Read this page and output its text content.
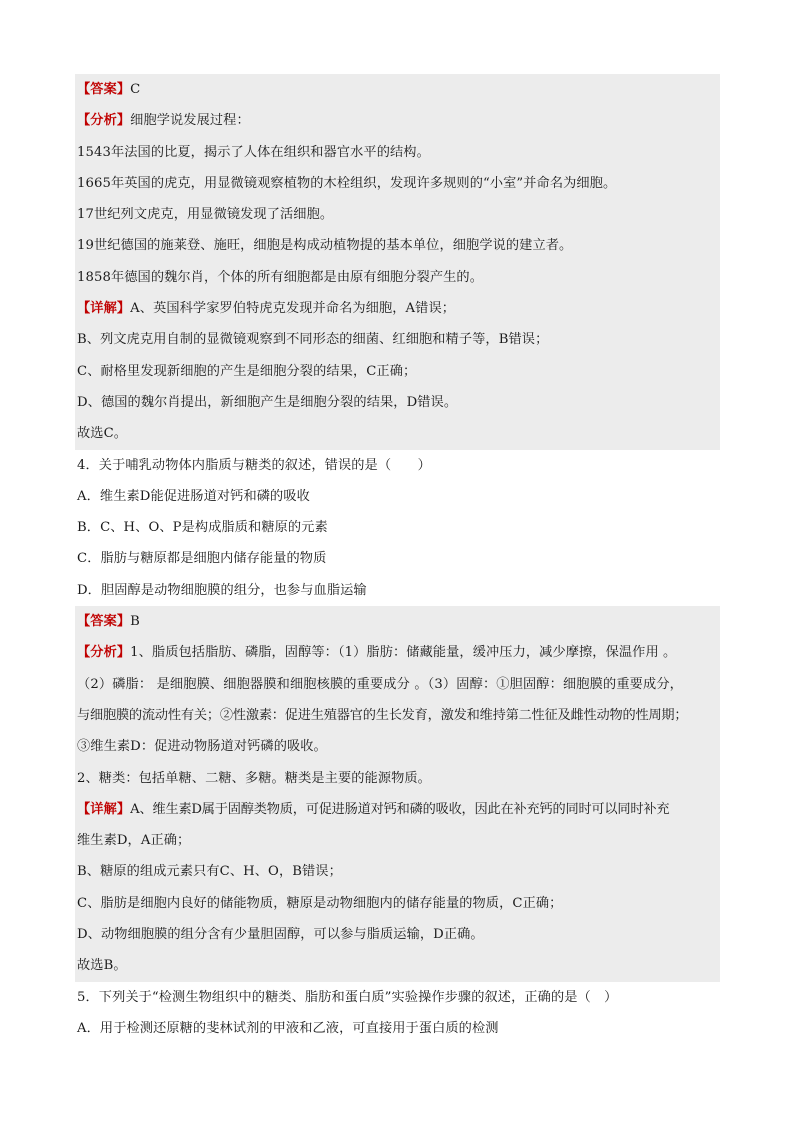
【答案】C
【分析】细胞学说发展过程：
1543年法国的比夏，揭示了人体在组织和器官水平的结构。
1665年英国的虎克，用显微镜观察植物的木栓组织，发现许多规则的“小室”并命名为细胞。
17世纪列文虎克，用显微镜发现了活细胞。
19世纪德国的施莱登、施旺，细胞是构成动植物提的基本单位，细胞学说的建立者。
1858年德国的魏尔肖，个体的所有细胞都是由原有细胞分裂产生的。
【详解】A、英国科学家罗伯特虎克发现并命名为细胞，A错误；
B、列文虎克用自制的显微镜观察到不同形态的细菌、红细胞和精子等，B错误；
C、耐格里发现新细胞的产生是细胞分裂的结果，C正确；
D、德国的魏尔肖提出，新细胞产生是细胞分裂的结果，D错误。
故选C。
4．关于哺乳动物体内脂质与糖类的叙述，错误的是（　　）
A．维生素D能促进肠道对钙和磷的吸收
B．C、H、O、P是构成脂质和糖原的元素
C．脂肪与糖原都是细胞内储存能量的物质
D．胆固醇是动物细胞膜的组分，也参与血脂运输
【答案】B
【分析】1、脂质包括脂肪、磷脂，固醇等：（1）脂肪：储藏能量，缓冲压力，减少摩擦，保温作用 。
（2）磷脂： 是细胞膜、细胞器膜和细胞核膜的重要成分 。（3）固醇：①胆固醇：细胞膜的重要成分，
与细胞膜的流动性有关；②性激素：促进生殖器官的生长发育，激发和维持第二性征及雌性动物的性周期；
③维生素D：促进动物肠道对钙磷的吸收。
2、糖类：包括单糖、二糖、多糖。糖类是主要的能源物质。
【详解】A、维生素D属于固醇类物质，可促进肠道对钙和磷的吸收，因此在补充钙的同时可以同时补充
维生素D，A正确；
B、糖原的组成元素只有C、H、O，B错误；
C、脂肪是细胞内良好的储能物质，糖原是动物细胞内的储存能量的物质，C正确；
D、动物细胞膜的组分含有少量胆固醇，可以参与脂质运输，D正确。
故选B。
5．下列关于“检测生物组织中的糖类、脂肪和蛋白质”实验操作步骤的叙述，正确的是（　）
A．用于检测还原糖的斐林试剂的甲液和乙液，可直接用于蛋白质的检测
